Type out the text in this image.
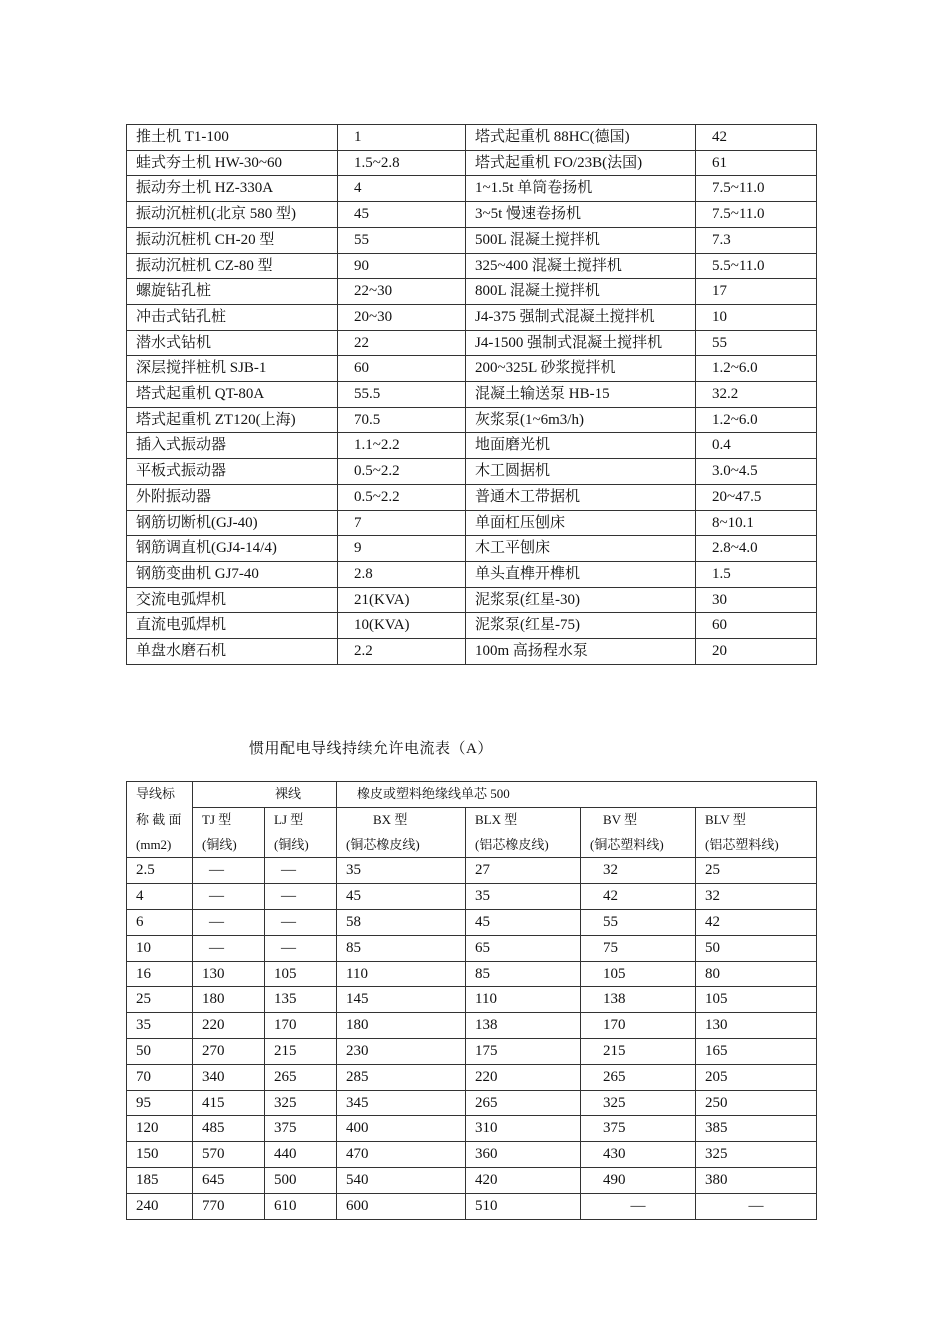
推土机 T1-100	1	塔式起重机 88HC(德国)	42
蛙式夯土机 HW-30~60	1.5~2.8	塔式起重机 FO/23B(法国)	61
振动夯土机 HZ-330A	4	1~1.5t 单筒卷扬机	7.5~11.0
振动沉桩机(北京 580 型)	45	3~5t 慢速卷扬机	7.5~11.0
振动沉桩机 CH-20 型	55	500L 混凝土搅拌机	7.3
振动沉桩机 CZ-80 型	90	325~400 混凝土搅拌机	5.5~11.0
螺旋钻孔桩	22~30	800L 混凝土搅拌机	17
冲击式钻孔桩	20~30	J4-375 强制式混凝土搅拌机	10
潜水式钻机	22	J4-1500 强制式混凝土搅拌机	55
深层搅拌桩机 SJB-1	60	200~325L 砂浆搅拌机	1.2~6.0
塔式起重机 QT-80A	55.5	混凝土输送泵 HB-15	32.2
塔式起重机 ZT120(上海)	70.5	灰浆泵(1~6m3/h)	1.2~6.0
插入式振动器	1.1~2.2	地面磨光机	0.4
平板式振动器	0.5~2.2	木工圆据机	3.0~4.5
外附振动器	0.5~2.2	普通木工带据机	20~47.5
钢筋切断机(GJ-40)	7	单面杠压刨床	8~10.1
钢筋调直机(GJ4-14/4)	9	木工平刨床	2.8~4.0
钢筋变曲机 GJ7-40	2.8	单头直榫开榫机	1.5
交流电弧焊机	21(KVA)	泥浆泵(红星-30)	30
直流电弧焊机	10(KVA)	泥浆泵(红星-75)	60
单盘水磨石机	2.2	100m 高扬程水泵	20
惯用配电导线持续允许电流表（A）
导线标	裸线		橡皮或塑料绝缘线单芯 500			
称 截 面	TJ 型	LJ 型	BX 型	BLX 型	BV 型	BLV 型
(mm2)	(铜线)	(铜线)	(铜芯橡皮线)	(铝芯橡皮线)	(铜芯塑料线)	(铝芯塑料线)
2.5	—	—	35	27	32	25
4	—	—	45	35	42	32
6	—	—	58	45	55	42
10	—	—	85	65	75	50
16	130	105	110	85	105	80
25	180	135	145	110	138	105
35	220	170	180	138	170	130
50	270	215	230	175	215	165
70	340	265	285	220	265	205
95	415	325	345	265	325	250
120	485	375	400	310	375	385
150	570	440	470	360	430	325
185	645	500	540	420	490	380
240	770	610	600	510	—	—
